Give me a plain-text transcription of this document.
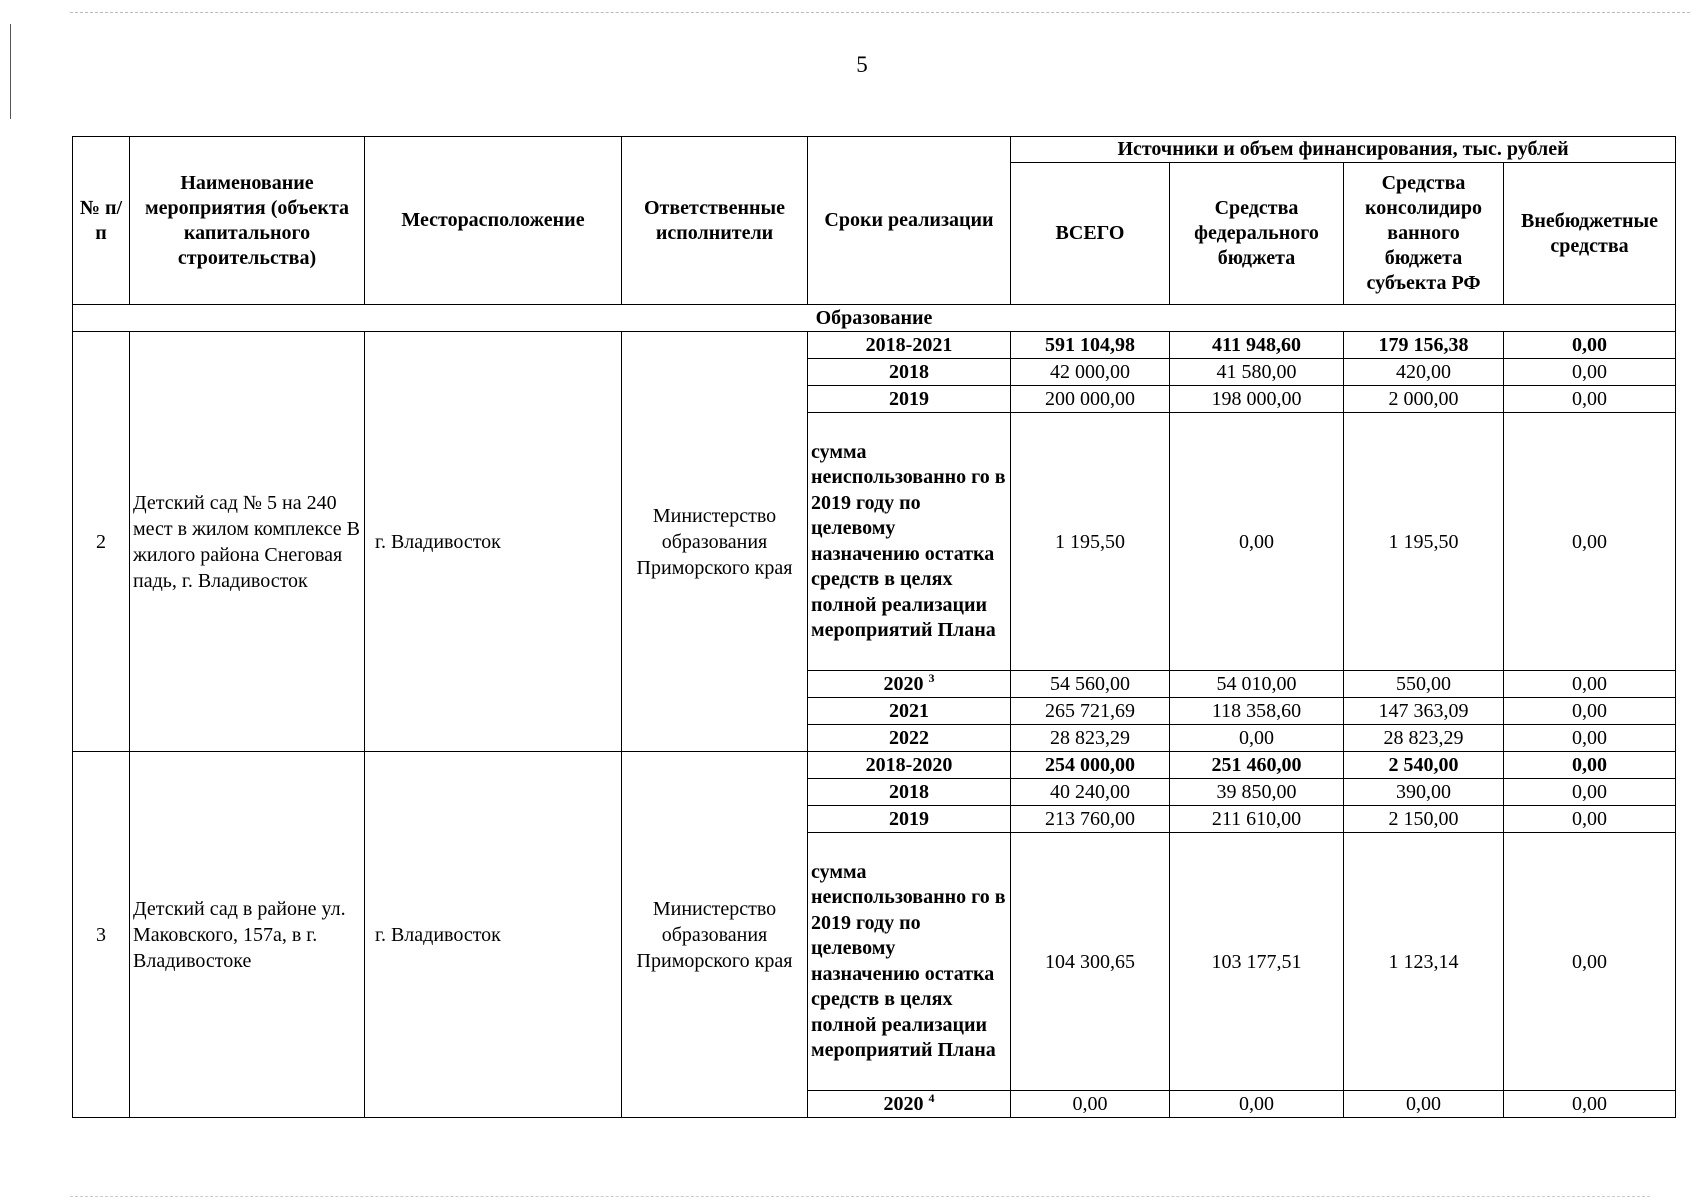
5
№ п/п	Наименование мероприятия (объекта капитального строительства)	Месторасположение	Ответственные исполнители	Сроки реализации	Источники и объем финансирования, тыс. рублей			
					ВСЕГО	Средства федерального бюджета	Средства консолидиро ванного бюджета субъекта РФ	Внебюджетные средства
Образование								
2	Детский сад № 5 на 240 мест в жилом комплексе В жилого района Снеговая падь, г. Владивосток	г. Владивосток	Министерство образования Приморского края	2018-2021	591 104,98	411 948,60	179 156,38	0,00
				2018	42 000,00	41 580,00	420,00	0,00
				2019	200 000,00	198 000,00	2 000,00	0,00
				сумма неиспользованно го в 2019 году по целевому назначению остатка средств в целях полной реализации мероприятий Плана	1 195,50	0,00	1 195,50	0,00
				2020 $^3$	54 560,00	54 010,00	550,00	0,00
				2021	265 721,69	118 358,60	147 363,09	0,00
				2022	28 823,29	0,00	28 823,29	0,00
3	Детский сад в районе ул. Маковского, 157а, в г. Владивостоке	г. Владивосток	Министерство образования Приморского края	2018-2020	254 000,00	251 460,00	2 540,00	0,00
				2018	40 240,00	39 850,00	390,00	0,00
				2019	213 760,00	211 610,00	2 150,00	0,00
				сумма неиспользованно го в 2019 году по целевому назначению остатка средств в целях полной реализации мероприятий Плана	104 300,65	103 177,51	1 123,14	0,00
				2020 $^4$	0,00	0,00	0,00	0,00
